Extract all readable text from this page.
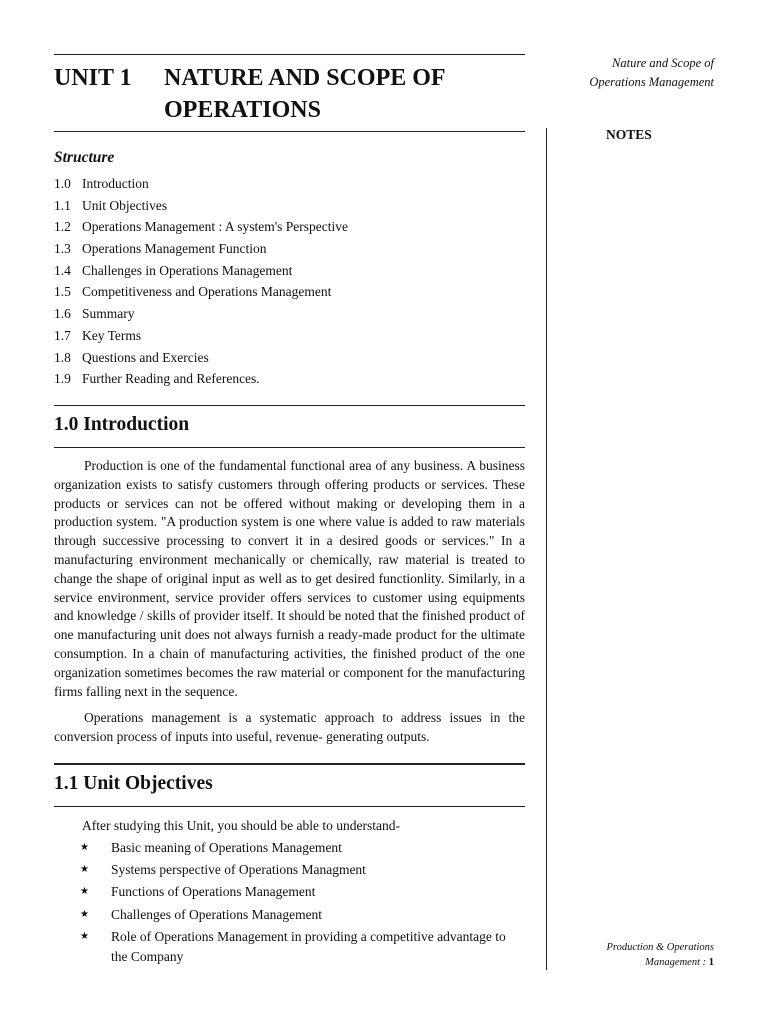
Nature and Scope of
Operations Management
NOTES
UNIT 1 NATURE AND SCOPE OF OPERATIONS
Structure
1.0 Introduction
1.1 Unit Objectives
1.2 Operations Management : A system's Perspective
1.3 Operations Management Function
1.4 Challenges in Operations Management
1.5 Competitiveness and Operations Management
1.6 Summary
1.7 Key Terms
1.8 Questions and Exercies
1.9 Further Reading and References.
1.0 Introduction
Production is one of the fundamental functional area of any business. A business organization exists to satisfy customers through offering products or services. These products or services can not be offered without making or developing them in a production system. "A production system is one where value is added to raw materials through successive processing to convert it in a desired goods or services." In a manufacturing environment mechanically or chemically, raw material is treated to change the shape of original input as well as to get desired functionlity. Similarly, in a service environment, service provider offers services to customer using equipments and knowledge / skills of provider itself. It should be noted that the finished product of one manufacturing unit does not always furnish a ready-made product for the ultimate consumption. In a chain of manufacturing activities, the finished product of the one organization sometimes becomes the raw material or component for the manufacturing firms falling next in the sequence.
Operations management is a systematic approach to address issues in the conversion process of inputs into useful, revenue- generating outputs.
1.1 Unit Objectives
After studying this Unit, you should be able to understand-
★ Basic meaning of Operations Management
★ Systems perspective of Operations Managment
★ Functions of Operations Management
★ Challenges of Operations Management
★ Role of Operations Management in providing a competitive advantage to the Company
Production & Operations
Management : 1
